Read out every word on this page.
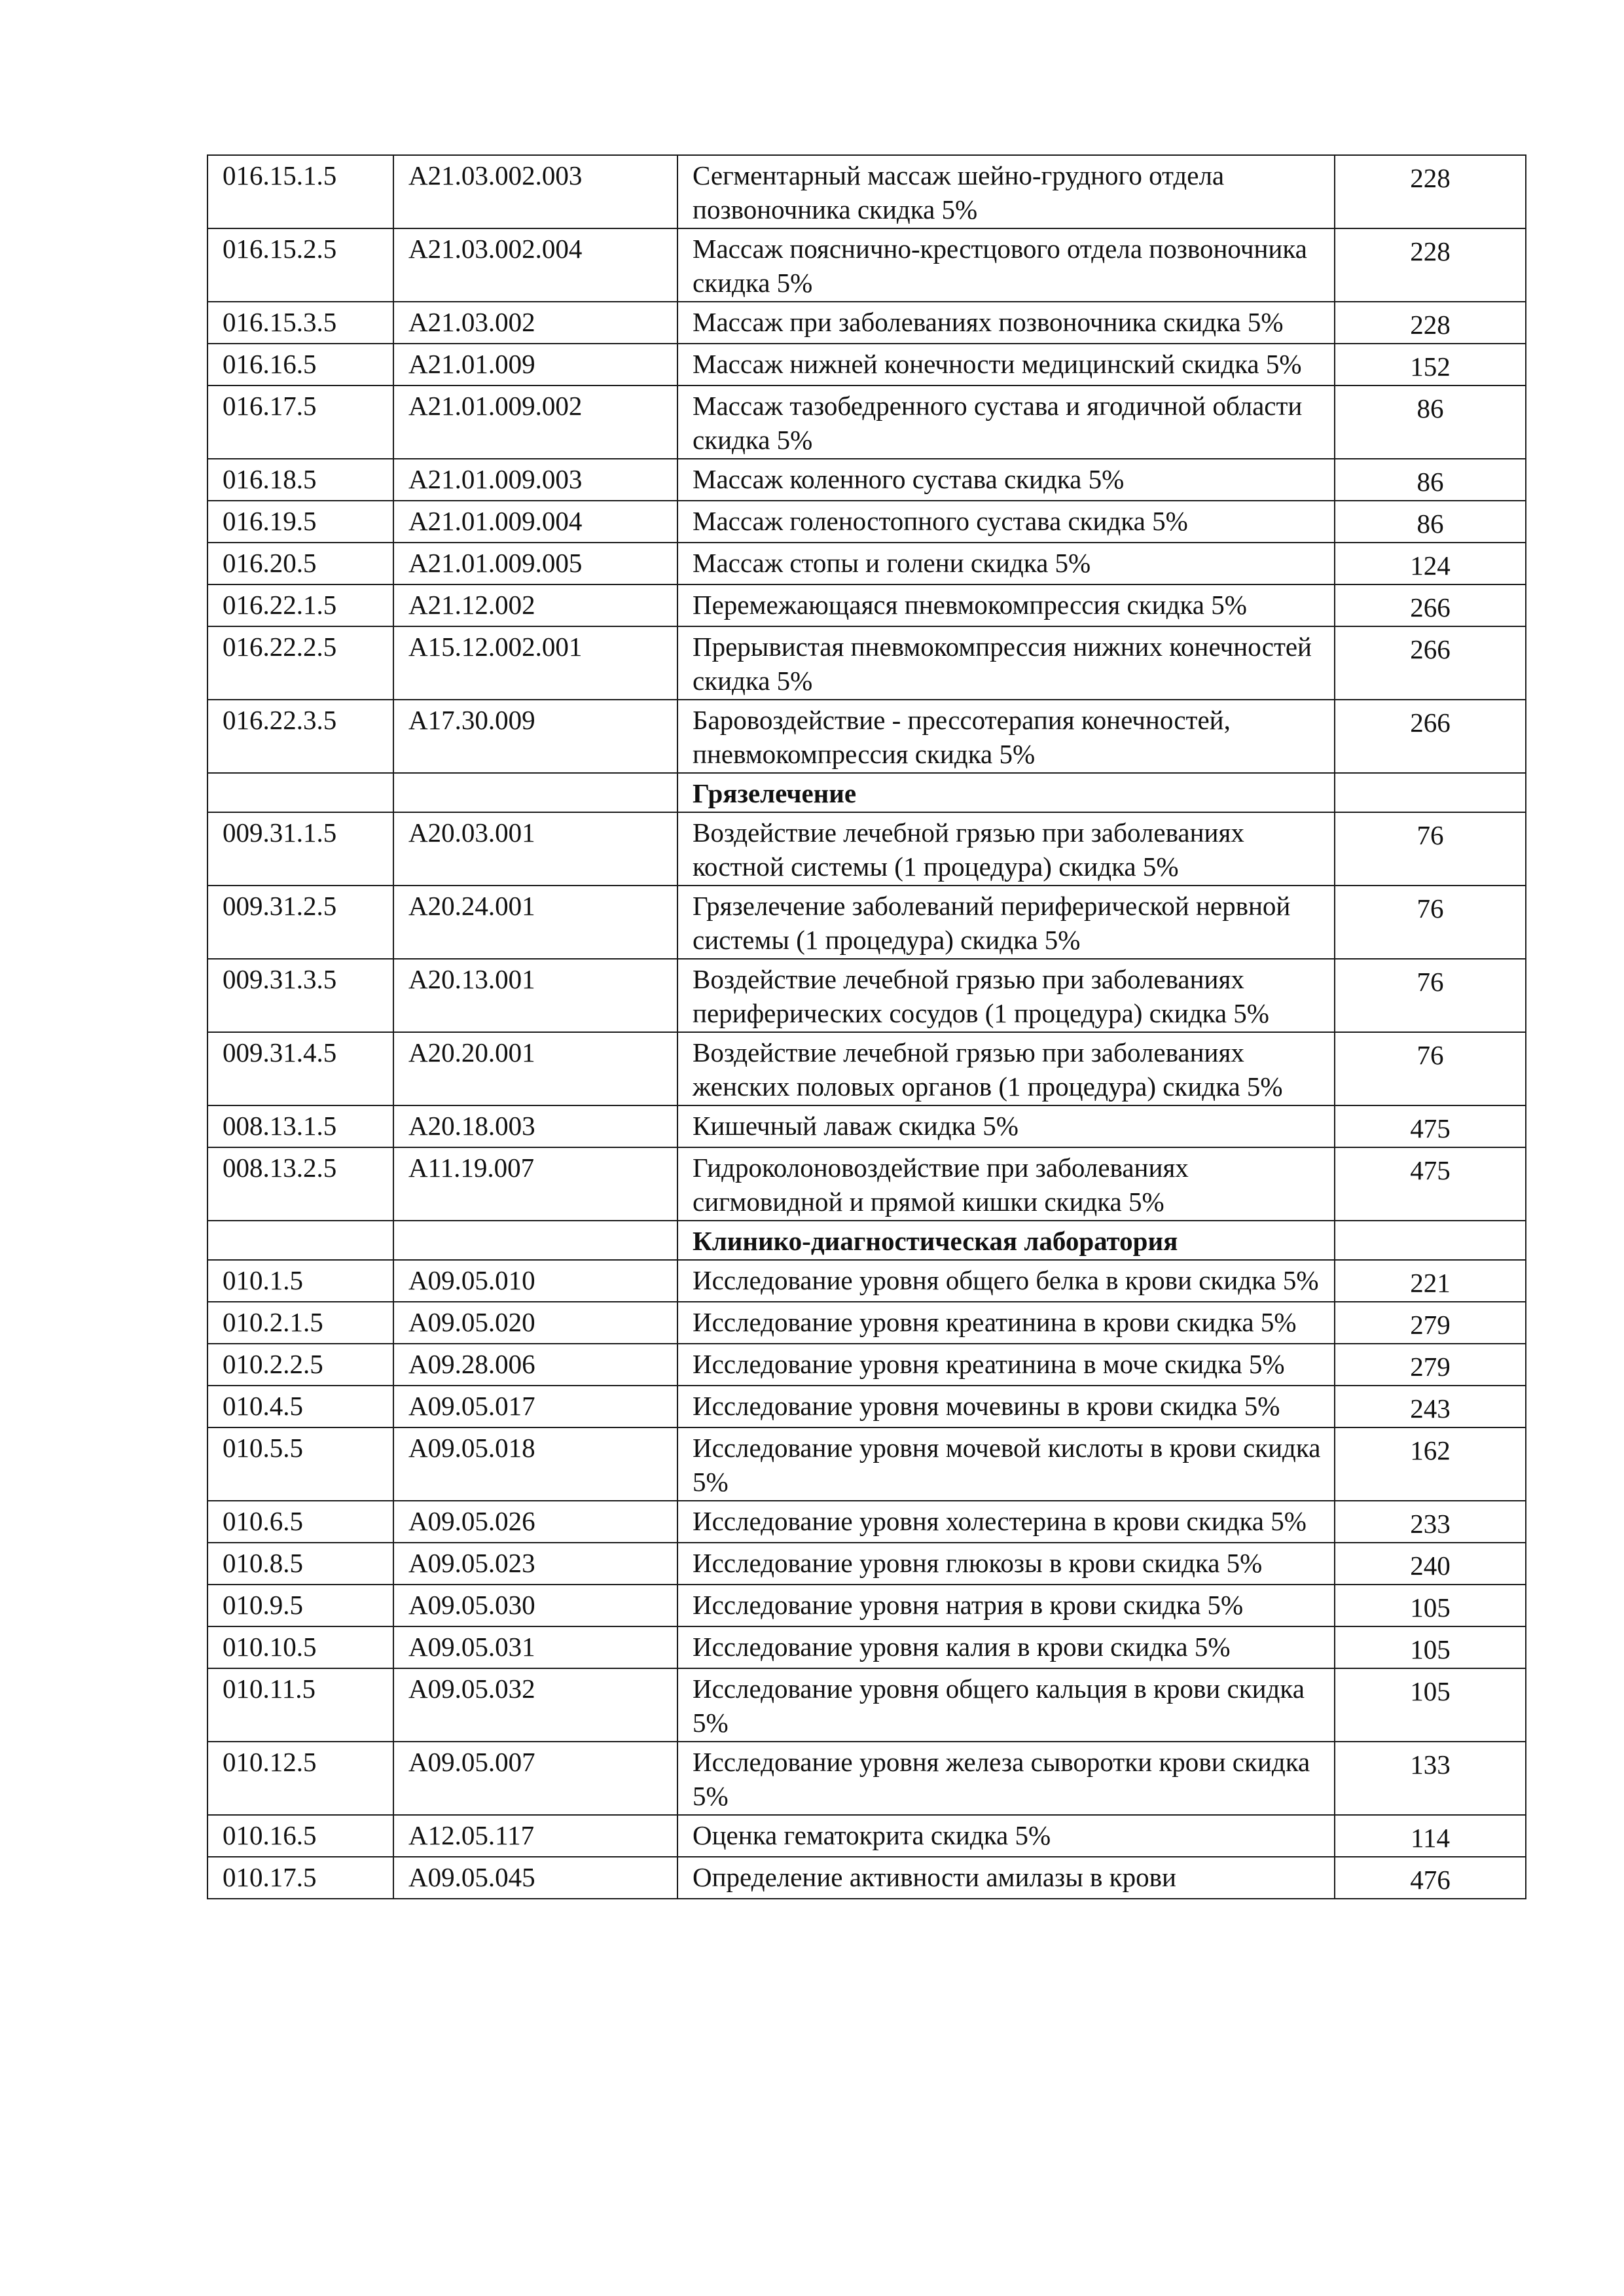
016.15.1.5	A21.03.002.003	Сегментарный массаж шейно-грудного отдела позвоночника скидка 5%	228
016.15.2.5	A21.03.002.004	Массаж пояснично-крестцового отдела позвоночника скидка 5%	228
016.15.3.5	A21.03.002	Массаж при заболеваниях позвоночника скидка 5%	228
016.16.5	A21.01.009	Массаж нижней конечности медицинский скидка 5%	152
016.17.5	A21.01.009.002	Массаж тазобедренного сустава и ягодичной области скидка 5%	86
016.18.5	A21.01.009.003	Массаж коленного сустава скидка 5%	86
016.19.5	A21.01.009.004	Массаж голеностопного сустава скидка 5%	86
016.20.5	A21.01.009.005	Массаж стопы и голени скидка 5%	124
016.22.1.5	A21.12.002	Перемежающаяся пневмокомпрессия скидка 5%	266
016.22.2.5	A15.12.002.001	Прерывистая пневмокомпрессия нижних конечностей скидка 5%	266
016.22.3.5	A17.30.009	Баровоздействие - прессотерапия конечностей, пневмокомпрессия скидка 5%	266
		Грязелечение	
009.31.1.5	A20.03.001	Воздействие лечебной грязью при заболеваниях костной системы (1 процедура) скидка 5%	76
009.31.2.5	A20.24.001	Грязелечение заболеваний периферической нервной системы (1 процедура) скидка 5%	76
009.31.3.5	A20.13.001	Воздействие лечебной грязью при заболеваниях периферических сосудов (1 процедура) скидка 5%	76
009.31.4.5	A20.20.001	Воздействие лечебной грязью при заболеваниях женских половых органов (1 процедура) скидка 5%	76
008.13.1.5	A20.18.003	Кишечный лаваж скидка 5%	475
008.13.2.5	A11.19.007	Гидроколоновоздействие при заболеваниях сигмовидной и прямой кишки скидка 5%	475
		Клинико-диагностическая лаборатория	
010.1.5	A09.05.010	Исследование уровня общего белка в крови скидка 5%	221
010.2.1.5	A09.05.020	Исследование уровня креатинина в крови скидка 5%	279
010.2.2.5	A09.28.006	Исследование уровня креатинина в моче скидка 5%	279
010.4.5	A09.05.017	Исследование уровня мочевины в крови скидка 5%	243
010.5.5	A09.05.018	Исследование уровня мочевой кислоты в крови скидка 5%	162
010.6.5	A09.05.026	Исследование уровня холестерина в крови скидка 5%	233
010.8.5	A09.05.023	Исследование уровня глюкозы в крови скидка 5%	240
010.9.5	A09.05.030	Исследование уровня натрия в крови скидка 5%	105
010.10.5	A09.05.031	Исследование уровня калия в крови скидка 5%	105
010.11.5	A09.05.032	Исследование уровня общего кальция в крови скидка 5%	105
010.12.5	A09.05.007	Исследование уровня железа сыворотки крови скидка 5%	133
010.16.5	A12.05.117	Оценка гематокрита скидка 5%	114
010.17.5	A09.05.045	Определение активности амилазы в крови	476
